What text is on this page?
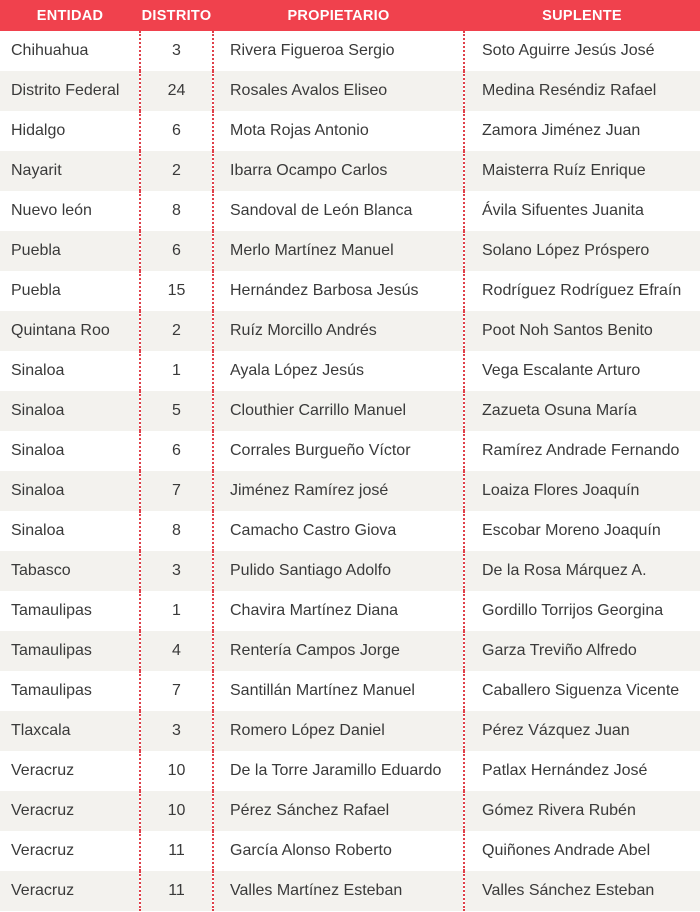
ENTIDAD	DISTRITO	PROPIETARIO	SUPLENTE
Chihuahua	3	Rivera Figueroa Sergio	Soto Aguirre Jesús José
Distrito Federal	24	Rosales Avalos Eliseo	Medina Reséndiz Rafael
Hidalgo	6	Mota Rojas Antonio	Zamora Jiménez Juan
Nayarit	2	Ibarra Ocampo Carlos	Maisterra Ruíz Enrique
Nuevo león	8	Sandoval de León Blanca	Ávila Sifuentes Juanita
Puebla	6	Merlo Martínez Manuel	Solano López Próspero
Puebla	15	Hernández Barbosa Jesús	Rodríguez Rodríguez Efraín
Quintana Roo	2	Ruíz Morcillo Andrés	Poot Noh Santos Benito
Sinaloa	1	Ayala López Jesús	Vega Escalante Arturo
Sinaloa	5	Clouthier Carrillo Manuel	Zazueta Osuna María
Sinaloa	6	Corrales Burgueño Víctor	Ramírez Andrade Fernando
Sinaloa	7	Jiménez Ramírez josé	Loaiza Flores Joaquín
Sinaloa	8	Camacho Castro Giova	Escobar Moreno Joaquín
Tabasco	3	Pulido Santiago Adolfo	De la Rosa Márquez A.
Tamaulipas	1	Chavira Martínez Diana	Gordillo Torrijos Georgina
Tamaulipas	4	Rentería Campos Jorge	Garza Treviño Alfredo
Tamaulipas	7	Santillán Martínez Manuel	Caballero Siguenza Vicente
Tlaxcala	3	Romero López Daniel	Pérez Vázquez Juan
Veracruz	10	De la Torre Jaramillo Eduardo	Patlax Hernández José
Veracruz	10	Pérez Sánchez Rafael	Gómez Rivera Rubén
Veracruz	11	García Alonso Roberto	Quiñones Andrade Abel
Veracruz	11	Valles Martínez Esteban	Valles Sánchez Esteban
